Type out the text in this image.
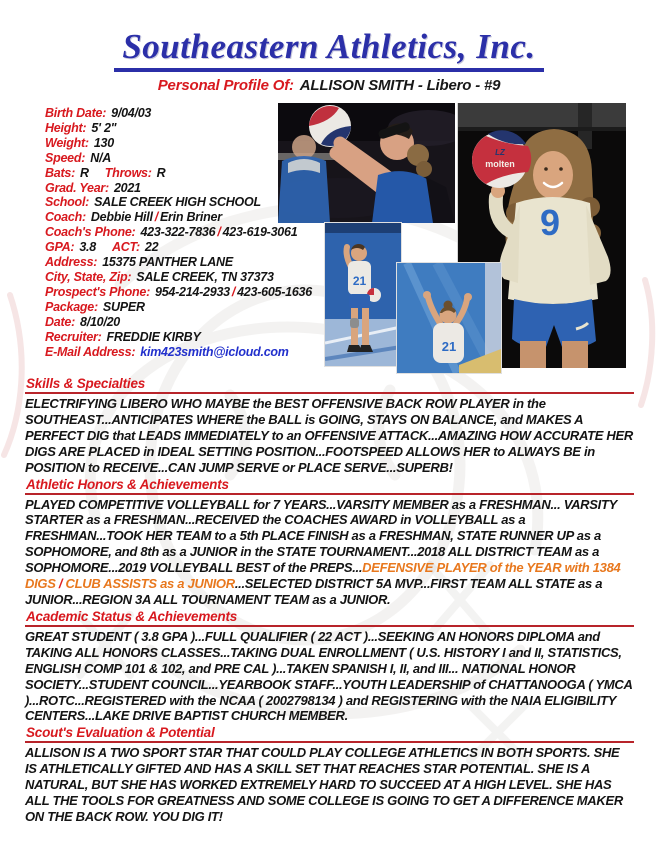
Southeastern Athletics, Inc.
Personal Profile Of: ALLISON SMITH - Libero - #9
Birth Date: 9/04/03
Height: 5' 2"
Weight: 130
Speed: N/A
Bats: R Throws: R
Grad. Year: 2021
School: SALE CREEK HIGH SCHOOL
Coach: Debbie Hill / Erin Briner
Coach's Phone: 423-322-7836 / 423-619-3061
GPA: 3.8 ACT: 22
Address: 15375 PANTHER LANE
City, State, Zip: SALE CREEK, TN 37373
Prospect's Phone: 954-214-2933 / 423-605-1636
Package: SUPER
Date: 8/10/20
Recruiter: FREDDIE KIRBY
E-Mail Address: kim423smith@icloud.com
LZ
molten
9
21
21
Skills & Specialties

ELECTRIFYING LIBERO WHO MAYBE the BEST OFFENSIVE BACK ROW PLAYER in the SOUTHEAST...ANTICIPATES WHERE the BALL is GOING, STAYS ON BALANCE, and MAKES A PERFECT DIG that LEADS IMMEDIATELY to an OFFENSIVE ATTACK...AMAZING HOW ACCURATE HER DIGS ARE PLACED in IDEAL SETTING POSITION...FOOTSPEED ALLOWS HER to ALWAYS BE in POSITION to RECEIVE...CAN JUMP SERVE or PLACE SERVE...SUPERB!

Athletic Honors & Achievements

PLAYED COMPETITIVE VOLLEYBALL for 7 YEARS...VARSITY MEMBER as a FRESHMAN... VARSITY STARTER as a FRESHMAN...RECEIVED the COACHES AWARD in VOLLEYBALL as a FRESHMAN...TOOK HER TEAM to a 5th PLACE FINISH as a FRESHMAN, STATE RUNNER UP as a SOPHOMORE, and 8th as a JUNIOR in the STATE TOURNAMENT...2018 ALL DISTRICT TEAM as a SOPHOMORE...2019 VOLLEYBALL BEST of the PREPS...DEFENSIVE PLAYER of the YEAR with 1384 DIGS / CLUB ASSISTS as a JUNIOR...SELECTED DISTRICT 5A MVP...FIRST TEAM ALL STATE as a JUNIOR...REGION 3A ALL TOURNAMENT TEAM as a JUNIOR.

Academic Status & Achievements

GREAT STUDENT ( 3.8 GPA )...FULL QUALIFIER ( 22 ACT )...SEEKING AN HONORS DIPLOMA and TAKING ALL HONORS CLASSES...TAKING DUAL ENROLLMENT ( U.S. HISTORY I and II, STATISTICS, ENGLISH COMP 101 & 102, and PRE CAL )...TAKEN SPANISH I, II, and III... NATIONAL HONOR SOCIETY...STUDENT COUNCIL...YEARBOOK STAFF...YOUTH LEADERSHIP of CHATTANOOGA ( YMCA )...ROTC...REGISTERED with the NCAA ( 2002798134 ) and REGISTERING with the NAIA ELIGIBILITY CENTERS...LAKE DRIVE BAPTIST CHURCH MEMBER.

Scout's Evaluation & Potential

ALLISON IS A TWO SPORT STAR THAT COULD PLAY COLLEGE ATHLETICS IN BOTH SPORTS. SHE IS ATHLETICALLY GIFTED AND HAS A SKILL SET THAT REACHES STAR POTENTIAL. SHE IS A NATURAL, BUT SHE HAS WORKED EXTREMELY HARD TO SUCCEED AT A HIGH LEVEL. SHE HAS ALL THE TOOLS FOR GREATNESS AND SOME COLLEGE IS GOING TO GET A DIFFERENCE MAKER ON THE BACK ROW. YOU DIG IT!
